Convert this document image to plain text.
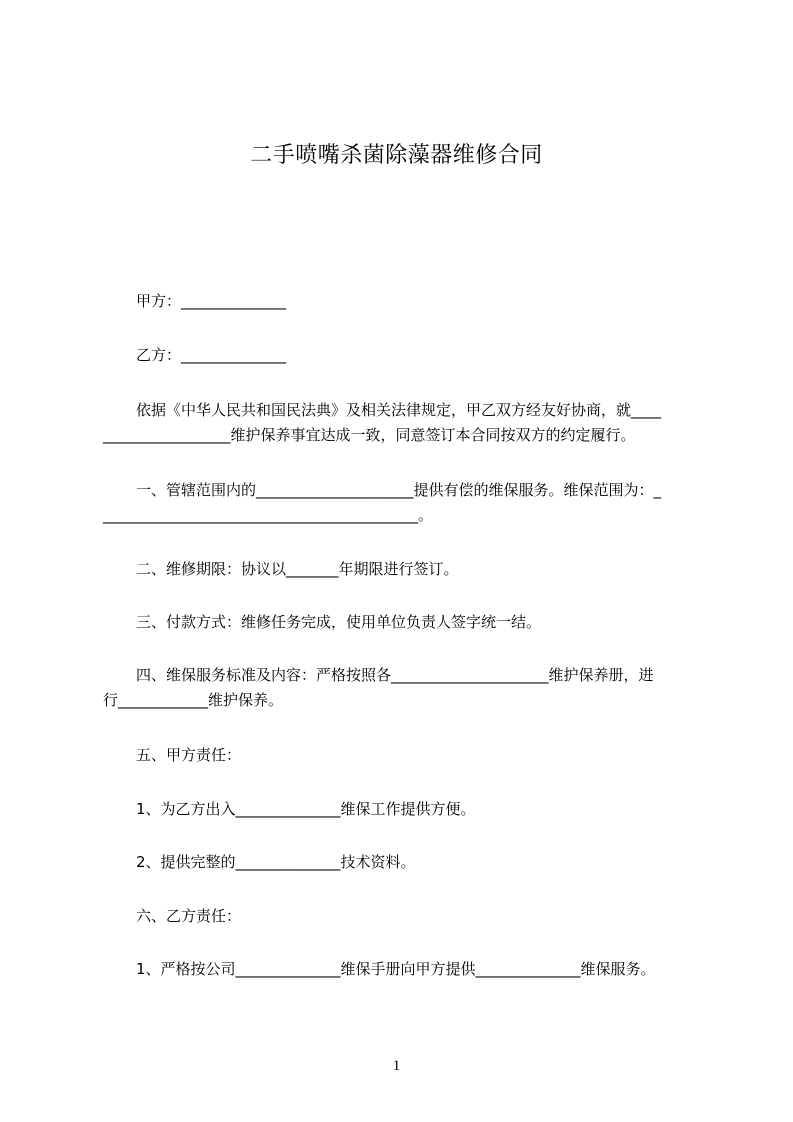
二手喷嘴杀菌除藻器维修合同
甲方：______________
乙方：______________
依据《中华人民共和国民法典》及相关法律规定，甲乙双方经友好协商，就____
_________________维护保养事宜达成一致，同意签订本合同按双方的约定履行。
一、管辖范围内的_____________________提供有偿的维保服务。维保范围为：_
__________________________________________。
二、维修期限：协议以_______年期限进行签订。
三、付款方式：维修任务完成，使用单位负责人签字统一结。
四、维保服务标准及内容：严格按照各_____________________维护保养册，进
行____________维护保养。
五、甲方责任：
1、为乙方出入______________维保工作提供方便。
2、提供完整的______________技术资料。
六、乙方责任：
1、严格按公司______________维保手册向甲方提供______________维保服务。
1
